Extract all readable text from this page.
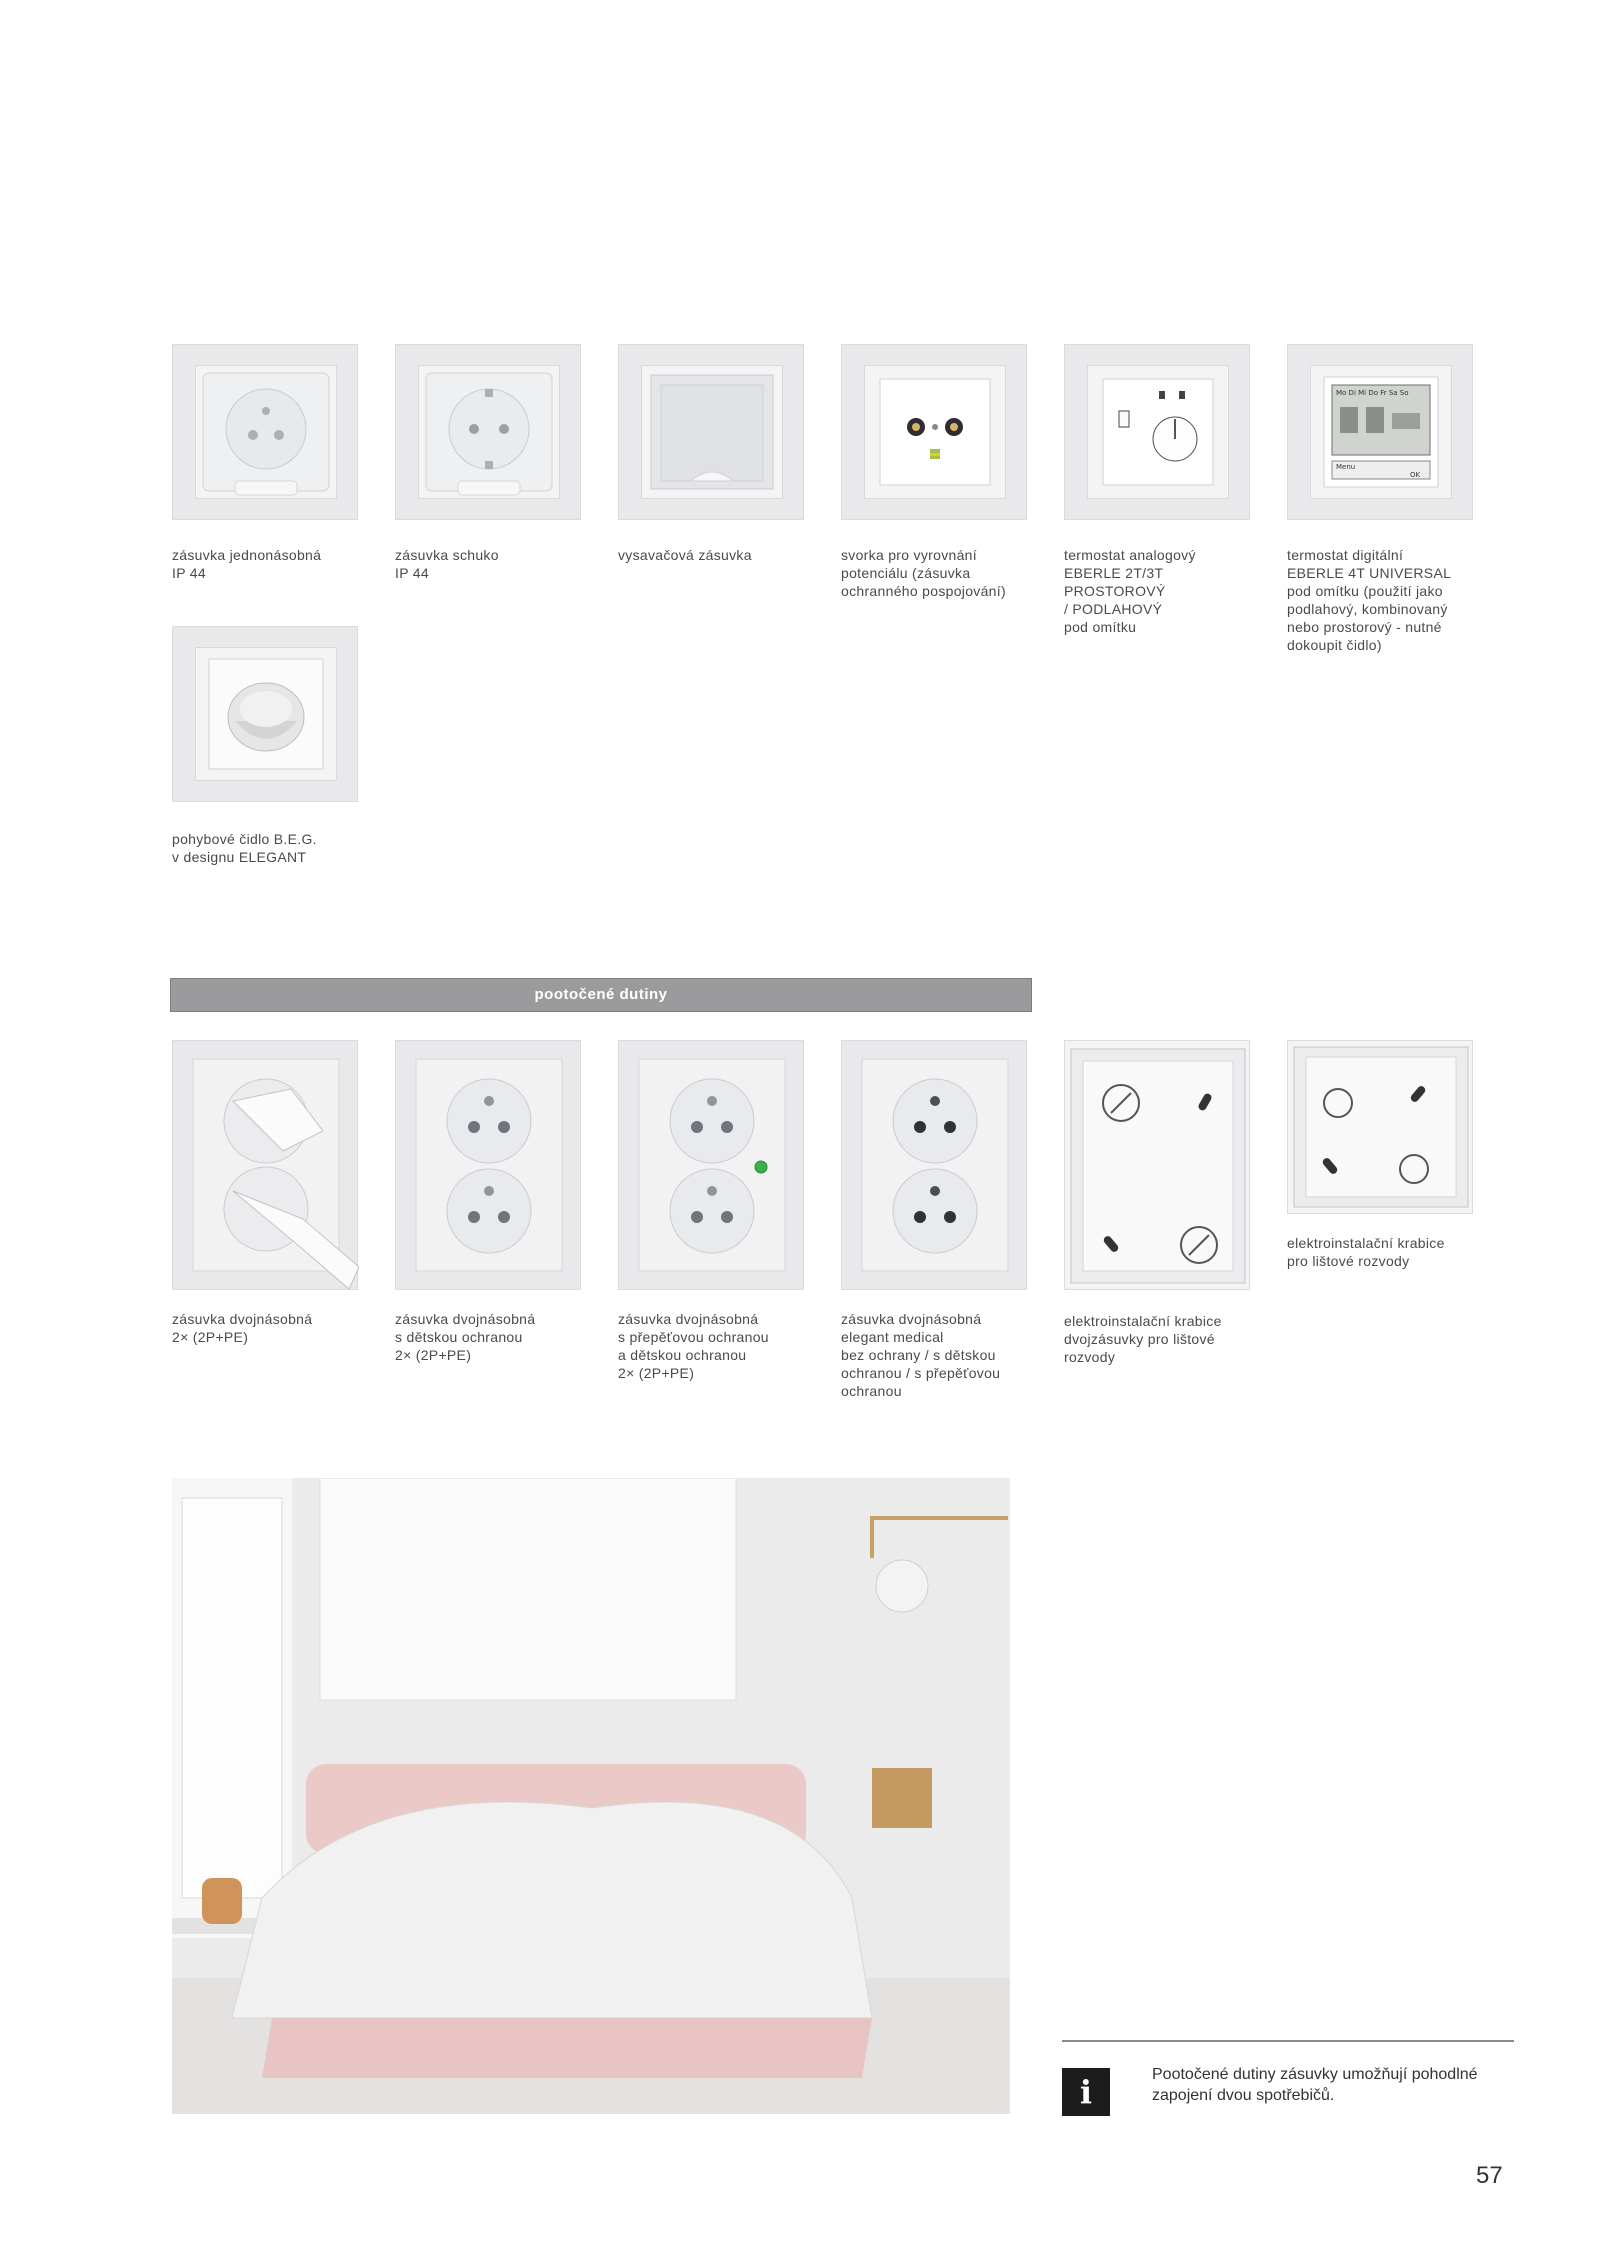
zásuvka jednonásobná
IP 44
zásuvka schuko
IP 44
vysavačová zásuvka	svorka pro vyrovnání
potenciálu (zásuvka
ochranného pospojování)
termostat analogový
EBERLE 2T/3T
PROSTOROVÝ
/ PODLAHOVÝ
pod omítku
Mo Di Mi Do Fr Sa So
Menu
OK
termostat digitální
EBERLE 4T UNIVERSAL
pod omítku (použití jako
podlahový, kombinovaný
nebo prostorový - nutné
dokoupit čidlo)
pohybové čidlo B.E.G.
v designu ELEGANT
pootočené dutiny
zásuvka dvojnásobná
2× (2P+PE)
zásuvka dvojnásobná
s dětskou ochranou
2× (2P+PE)
zásuvka dvojnásobná
s přepěťovou ochranou
a dětskou ochranou
2× (2P+PE)
zásuvka dvojnásobná
elegant medical
bez ochrany / s dětskou
ochranou / s přepěťovou
ochranou
elektroinstalační krabice
dvojzásuvky pro lištové
rozvody
elektroinstalační krabice
pro lištové rozvody
i	Pootočené dutiny zásuvky umožňují pohodlné zapojení dvou spotřebičů.
57
